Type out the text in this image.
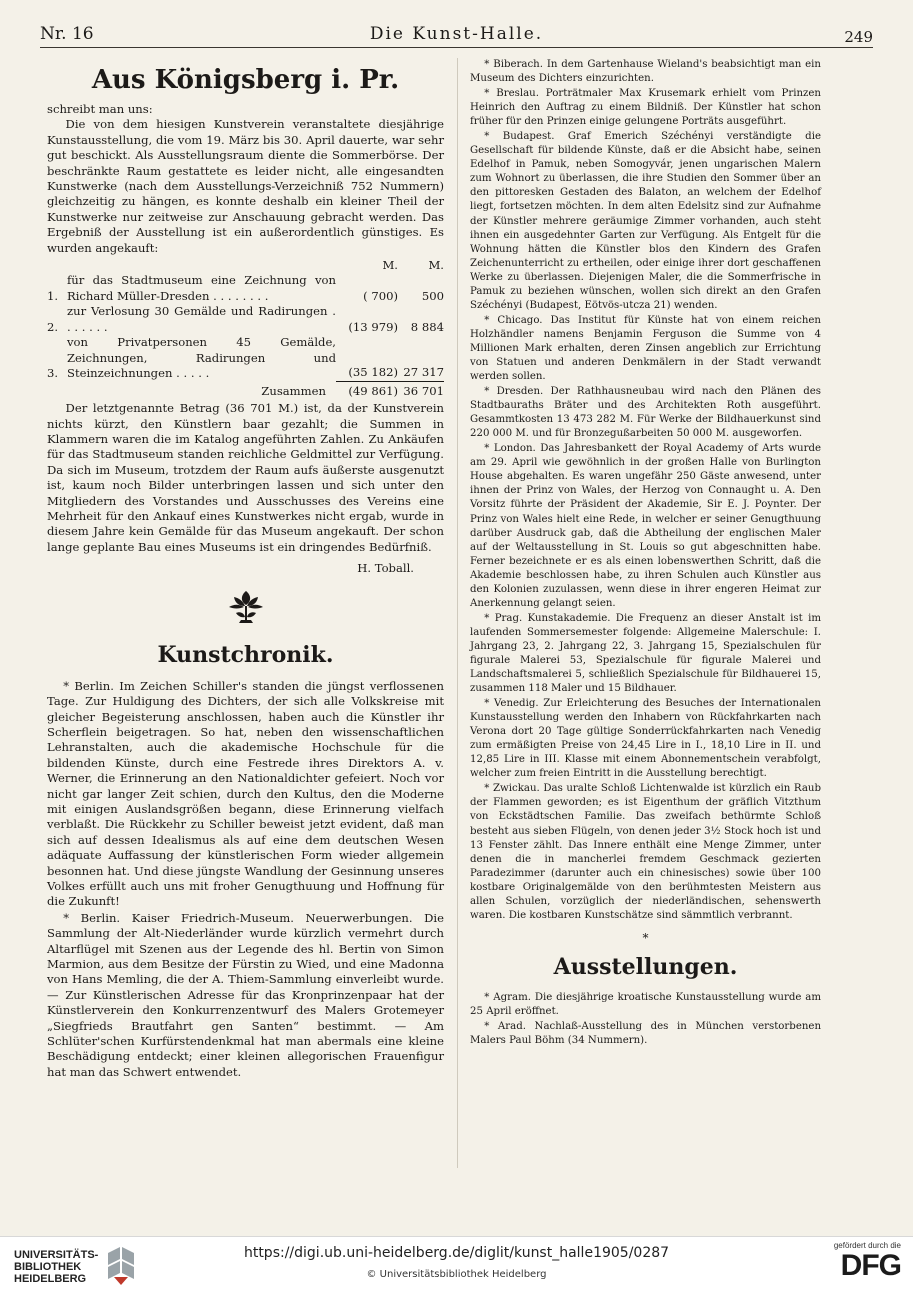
Nr. 16	Die Kunst-Halle.	249
Aus Königsberg i. Pr.
schreibt man uns:

Die von dem hiesigen Kunstverein veranstaltete diesjährige Kunstausstellung, die vom 19. März bis 30. April dauerte, war sehr gut beschickt. Als Ausstellungsraum diente die Sommerbörse. Der beschränkte Raum gestattete es leider nicht, alle eingesandten Kunstwerke (nach dem Ausstellungs-Verzeichniß 752 Nummern) gleichzeitig zu hängen, es konnte deshalb ein kleiner Theil der Kunstwerke nur zeitweise zur Anschauung gebracht werden. Das Ergebniß der Ausstellung ist ein außerordentlich günstiges. Es wurden angekauft:

		M.	M.
1.	für das Stadtmuseum eine Zeichnung von Richard Müller-Dresden . . . . . . . .	( 700)	500
2.	zur Verlosung 30 Gemälde und Radirungen . . . . . . .	(13 979)	8 884
3.	von Privatpersonen 45 Gemälde, Zeichnungen, Radirungen und Steinzeichnungen . . . . .	(35 182)	27 317
	Zusammen	(49 861)	36 701

Der letztgenannte Betrag (36 701 M.) ist, da der Kunstverein nichts kürzt, den Künstlern baar gezahlt; die Summen in Klammern waren die im Katalog angeführten Zahlen. Zu Ankäufen für das Stadtmuseum standen reichliche Geldmittel zur Verfügung. Da sich im Museum, trotzdem der Raum aufs äußerste ausgenutzt ist, kaum noch Bilder unterbringen lassen und sich unter den Mitgliedern des Vorstandes und Ausschusses des Vereins eine Mehrheit für den Ankauf eines Kunstwerkes nicht ergab, wurde in diesem Jahre kein Gemälde für das Museum angekauft. Der schon lange geplante Bau eines Museums ist ein dringendes Bedürfniß.

H. Toball.
Kunstchronik.

* Berlin. Im Zeichen Schiller's standen die jüngst verflossenen Tage. Zur Huldigung des Dichters, der sich alle Volkskreise mit gleicher Begeisterung anschlossen, haben auch die Künstler ihr Scherflein beigetragen. So hat, neben den wissenschaftlichen Lehranstalten, auch die akademische Hochschule für die bildenden Künste, durch eine Festrede ihres Direktors A. v. Werner, die Erinnerung an den Nationaldichter gefeiert. Noch vor nicht gar langer Zeit schien, durch den Kultus, den die Moderne mit einigen Auslandsgrößen begann, diese Erinnerung vielfach verblaßt. Die Rückkehr zu Schiller beweist jetzt evident, daß man sich auf dessen Idealismus als auf eine dem deutschen Wesen adäquate Auffassung der künstlerischen Form wieder allgemein besonnen hat. Und diese jüngste Wandlung der Gesinnung unseres Volkes erfüllt auch uns mit froher Genugthuung und Hoffnung für die Zukunft!

* Berlin. Kaiser Friedrich-Museum. Neuerwerbungen. Die Sammlung der Alt-Niederländer wurde kürzlich vermehrt durch Altarflügel mit Szenen aus der Legende des hl. Bertin von Simon Marmion, aus dem Besitze der Fürstin zu Wied, und eine Madonna von Hans Memling, die der A. Thiem-Sammlung einverleibt wurde. — Zur Künstlerischen Adresse für das Kronprinzenpaar hat der Künstlerverein den Konkurrenzentwurf des Malers Grotemeyer „Siegfrieds Brautfahrt gen Santen“ bestimmt. — Am Schlüter'schen Kurfürstendenkmal hat man abermals eine kleine Beschädigung entdeckt; einer kleinen allegorischen Frauenfigur hat man das Schwert entwendet.

* Biberach. In dem Gartenhause Wieland's beabsichtigt man ein Museum des Dichters einzurichten.

* Breslau. Porträtmaler Max Krusemark erhielt vom Prinzen Heinrich den Auftrag zu einem Bildniß. Der Künstler hat schon früher für den Prinzen einige gelungene Porträts ausgeführt.

* Budapest. Graf Emerich Széchényi verständigte die Gesellschaft für bildende Künste, daß er die Absicht habe, seinen Edelhof in Pamuk, neben Somogyvár, jenen ungarischen Malern zum Wohnort zu überlassen, die ihre Studien den Sommer über an den pittoresken Gestaden des Balaton, an welchem der Edelhof liegt, fortsetzen möchten. In dem alten Edelsitz sind zur Aufnahme der Künstler mehrere geräumige Zimmer vorhanden, auch steht ihnen ein ausgedehnter Garten zur Verfügung. Als Entgelt für die Wohnung hätten die Künstler blos den Kindern des Grafen Zeichenunterricht zu ertheilen, oder einige ihrer dort geschaffenen Werke zu überlassen. Diejenigen Maler, die die Sommerfrische in Pamuk zu beziehen wünschen, wollen sich direkt an den Grafen Széchényi (Budapest, Eötvös-utcza 21) wenden.

* Chicago. Das Institut für Künste hat von einem reichen Holzhändler namens Benjamin Ferguson die Summe von 4 Millionen Mark erhalten, deren Zinsen angeblich zur Errichtung von Statuen und anderen Denkmälern in der Stadt verwandt werden sollen.

* Dresden. Der Rathhausneubau wird nach den Plänen des Stadtbauraths Bräter und des Architekten Roth ausgeführt. Gesammtkosten 13 473 282 M. Für Werke der Bildhauerkunst sind 220 000 M. und für Bronzegußarbeiten 50 000 M. ausgeworfen.

* London. Das Jahresbankett der Royal Academy of Arts wurde am 29. April wie gewöhnlich in der großen Halle von Burlington House abgehalten. Es waren ungefähr 250 Gäste anwesend, unter ihnen der Prinz von Wales, der Herzog von Connaught u. A. Den Vorsitz führte der Präsident der Akademie, Sir E. J. Poynter. Der Prinz von Wales hielt eine Rede, in welcher er seiner Genugthuung darüber Ausdruck gab, daß die Abtheilung der englischen Maler auf der Weltausstellung in St. Louis so gut abgeschnitten habe. Ferner bezeichnete er es als einen lobenswerthen Schritt, daß die Akademie beschlossen habe, zu ihren Schulen auch Künstler aus den Kolonien zuzulassen, wenn diese in ihrer engeren Heimat zur Anerkennung gelangt seien.

* Prag. Kunstakademie. Die Frequenz an dieser Anstalt ist im laufenden Sommersemester folgende: Allgemeine Malerschule: I. Jahrgang 23, 2. Jahrgang 22, 3. Jahrgang 15, Spezialschulen für figurale Malerei 53, Spezialschule für figurale Malerei und Landschaftsmalerei 5, schließlich Spezialschule für Bildhauerei 15, zusammen 118 Maler und 15 Bildhauer.

* Venedig. Zur Erleichterung des Besuches der Internationalen Kunstausstellung werden den Inhabern von Rückfahrkarten nach Verona dort 20 Tage gültige Sonderrückfahrkarten nach Venedig zum ermäßigten Preise von 24,45 Lire in I., 18,10 Lire in II. und 12,85 Lire in III. Klasse mit einem Abonnementschein verabfolgt, welcher zum freien Eintritt in die Ausstellung berechtigt.

* Zwickau. Das uralte Schloß Lichtenwalde ist kürzlich ein Raub der Flammen geworden; es ist Eigenthum der gräflich Vitzthum von Eckstädtschen Familie. Das zweifach bethürmte Schloß besteht aus sieben Flügeln, von denen jeder 3½ Stock hoch ist und 13 Fenster zählt. Das Innere enthält eine Menge Zimmer, unter denen die in mancherlei fremdem Geschmack gezierten Paradezimmer (darunter auch ein chinesisches) sowie über 100 kostbare Originalgemälde von den berühmtesten Meistern aus allen Schulen, vorzüglich der niederländischen, sehenswerth waren. Die kostbaren Kunstschätze sind sämmtlich verbrannt.

*
Ausstellungen.

* Agram. Die diesjährige kroatische Kunstausstellung wurde am 25 April eröffnet.

* Arad. Nachlaß-Ausstellung des in München verstorbenen Malers Paul Böhm (34 Nummern).

UNIVERSITÄTS-
BIBLIOTHEK
HEIDELBERG
https://digi.ub.uni-heidelberg.de/diglit/kunst_halle1905/0287
© Universitätsbibliothek Heidelberg
gefördert durch die
DFG
